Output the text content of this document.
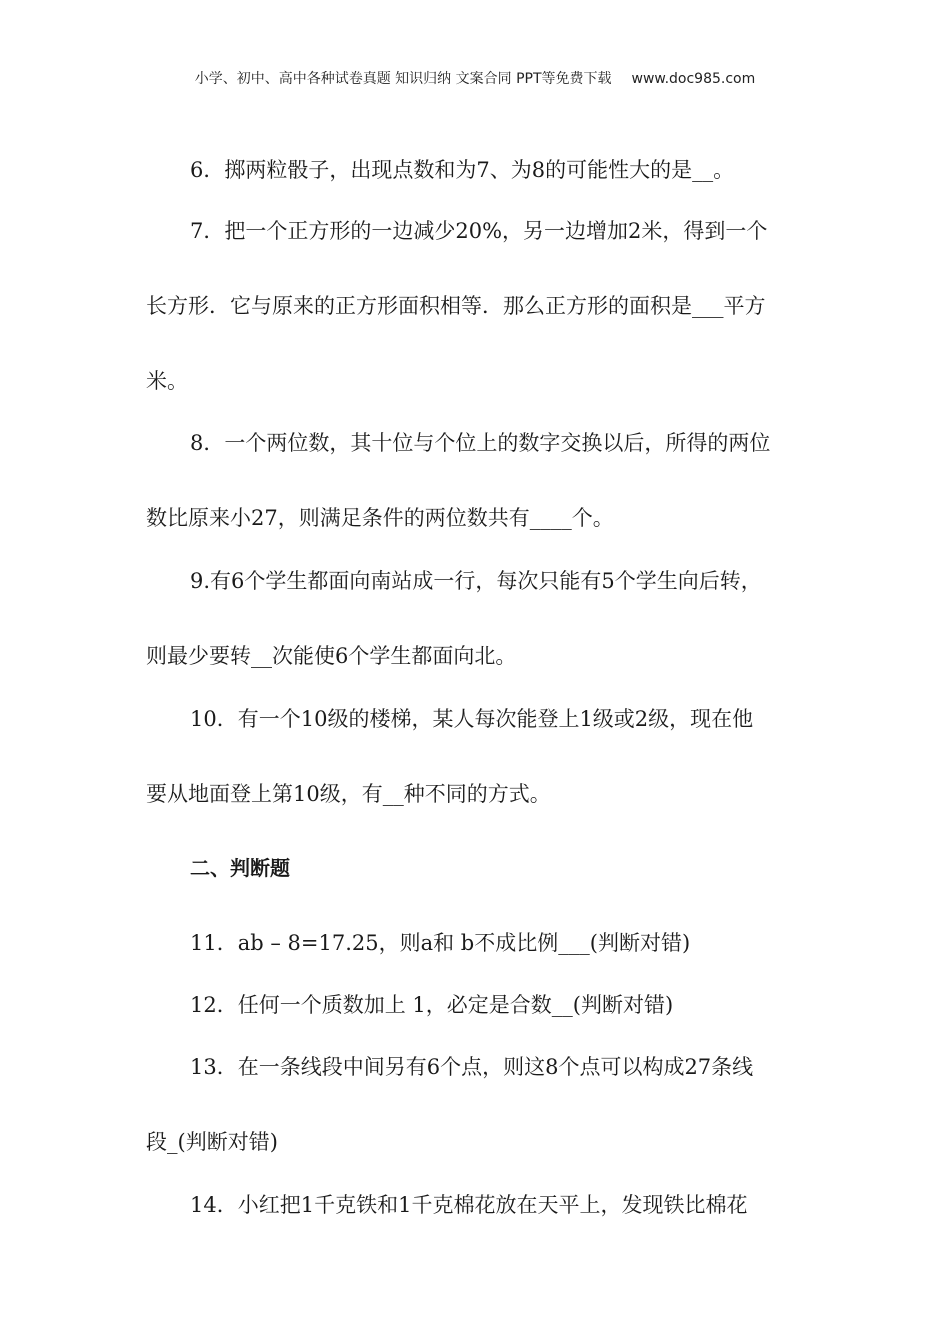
小学、初中、高中各种试卷真题 知识归纳 文案合同 PPT等免费下载 www.doc985.com
6．掷两粒骰子，出现点数和为7、为8的可能性大的是__。
7．把一个正方形的一边减少20%，另一边增加2米，得到一个
长方形．它与原来的正方形面积相等．那么正方形的面积是___平方
米。
8．一个两位数，其十位与个位上的数字交换以后，所得的两位
数比原来小27，则满足条件的两位数共有____个。
9.有6个学生都面向南站成一行，每次只能有5个学生向后转，
则最少要转__次能使6个学生都面向北。
10．有一个10级的楼梯，某人每次能登上1级或2级，现在他
要从地面登上第10级，有__种不同的方式。
二、判断题
11．ab – 8=17.25，则a和 b不成比例___(判断对错)
12．任何一个质数加上 1，必定是合数__(判断对错)
13．在一条线段中间另有6个点，则这8个点可以构成27条线
段_(判断对错)
14．小红把1千克铁和1千克棉花放在天平上，发现铁比棉花
